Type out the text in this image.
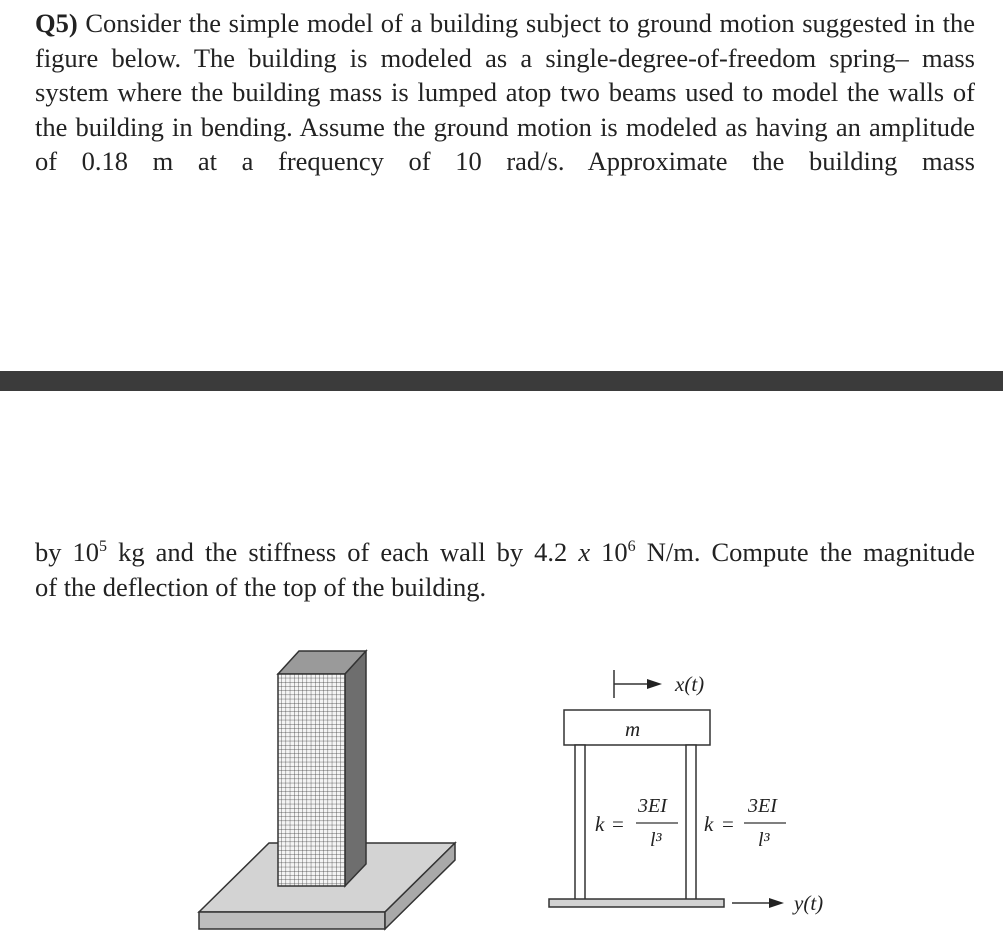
Q5) Consider the simple model of a building subject to ground motion suggested in the figure below. The building is modeled as a single-degree-of-freedom spring– mass system where the building mass is lumped atop two beams used to model the walls of the building in bending. Assume the ground motion is modeled as having an amplitude of 0.18 m at a frequency of 10 rad/s. Approximate the building mass

by $10^5$ kg and the stiffness of each wall by 4.2 x $10^6$ N/m. Compute the magnitude
of the deflection of the top of the building.

x(t)
m
y(t)
k =
3EI
l³
k =
3EI
l³
